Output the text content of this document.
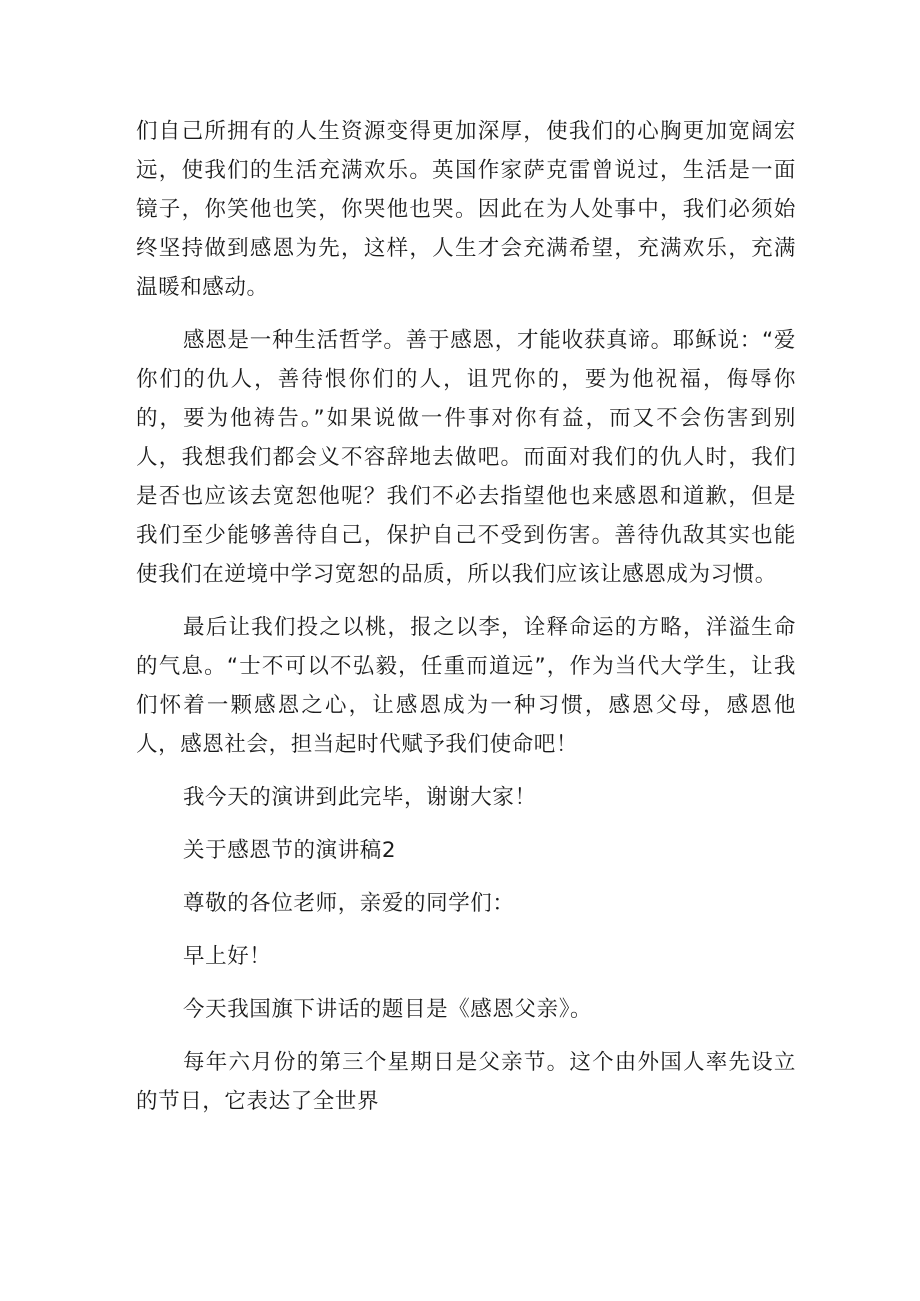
们自己所拥有的人生资源变得更加深厚，使我们的心胸更加宽阔宏远，使我们的生活充满欢乐。英国作家萨克雷曾说过，生活是一面镜子，你笑他也笑，你哭他也哭。因此在为人处事中，我们必须始终坚持做到感恩为先，这样，人生才会充满希望，充满欢乐，充满温暖和感动。

感恩是一种生活哲学。善于感恩，才能收获真谛。耶稣说：“爱你们的仇人，善待恨你们的人，诅咒你的，要为他祝福，侮辱你的，要为他祷告。”如果说做一件事对你有益，而又不会伤害到别人，我想我们都会义不容辞地去做吧。而面对我们的仇人时，我们是否也应该去宽恕他呢？我们不必去指望他也来感恩和道歉，但是我们至少能够善待自己，保护自己不受到伤害。善待仇敌其实也能使我们在逆境中学习宽恕的品质，所以我们应该让感恩成为习惯。

最后让我们投之以桃，报之以李，诠释命运的方略，洋溢生命的气息。“士不可以不弘毅，任重而道远”，作为当代大学生，让我们怀着一颗感恩之心，让感恩成为一种习惯，感恩父母，感恩他人，感恩社会，担当起时代赋予我们使命吧！

我今天的演讲到此完毕，谢谢大家！

关于感恩节的演讲稿2

尊敬的各位老师，亲爱的同学们：

早上好！

今天我国旗下讲话的题目是《感恩父亲》。

每年六月份的第三个星期日是父亲节。这个由外国人率先设立的节日，它表达了全世界
